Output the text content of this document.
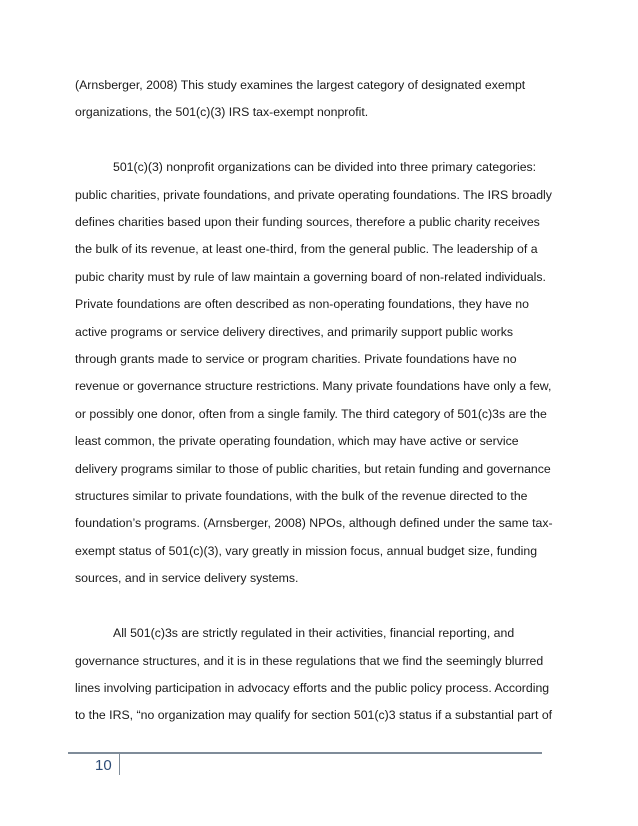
(Arnsberger, 2008) This study examines the largest category of designated exempt
organizations, the 501(c)(3) IRS tax-exempt nonprofit.

501(c)(3) nonprofit organizations can be divided into three primary categories:
public charities, private foundations, and private operating foundations. The IRS broadly
defines charities based upon their funding sources, therefore a public charity receives
the bulk of its revenue, at least one-third, from the general public. The leadership of a
pubic charity must by rule of law maintain a governing board of non-related individuals.
Private foundations are often described as non-operating foundations, they have no
active programs or service delivery directives, and primarily support public works
through grants made to service or program charities. Private foundations have no
revenue or governance structure restrictions. Many private foundations have only a few,
or possibly one donor, often from a single family. The third category of 501(c)3s are the
least common, the private operating foundation, which may have active or service
delivery programs similar to those of public charities, but retain funding and governance
structures similar to private foundations, with the bulk of the revenue directed to the
foundation’s programs. (Arnsberger, 2008) NPOs, although defined under the same tax-
exempt status of 501(c)(3), vary greatly in mission focus, annual budget size, funding
sources, and in service delivery systems.

All 501(c)3s are strictly regulated in their activities, financial reporting, and
governance structures, and it is in these regulations that we find the seemingly blurred
lines involving participation in advocacy efforts and the public policy process. According
to the IRS, “no organization may qualify for section 501(c)3 status if a substantial part of

10
